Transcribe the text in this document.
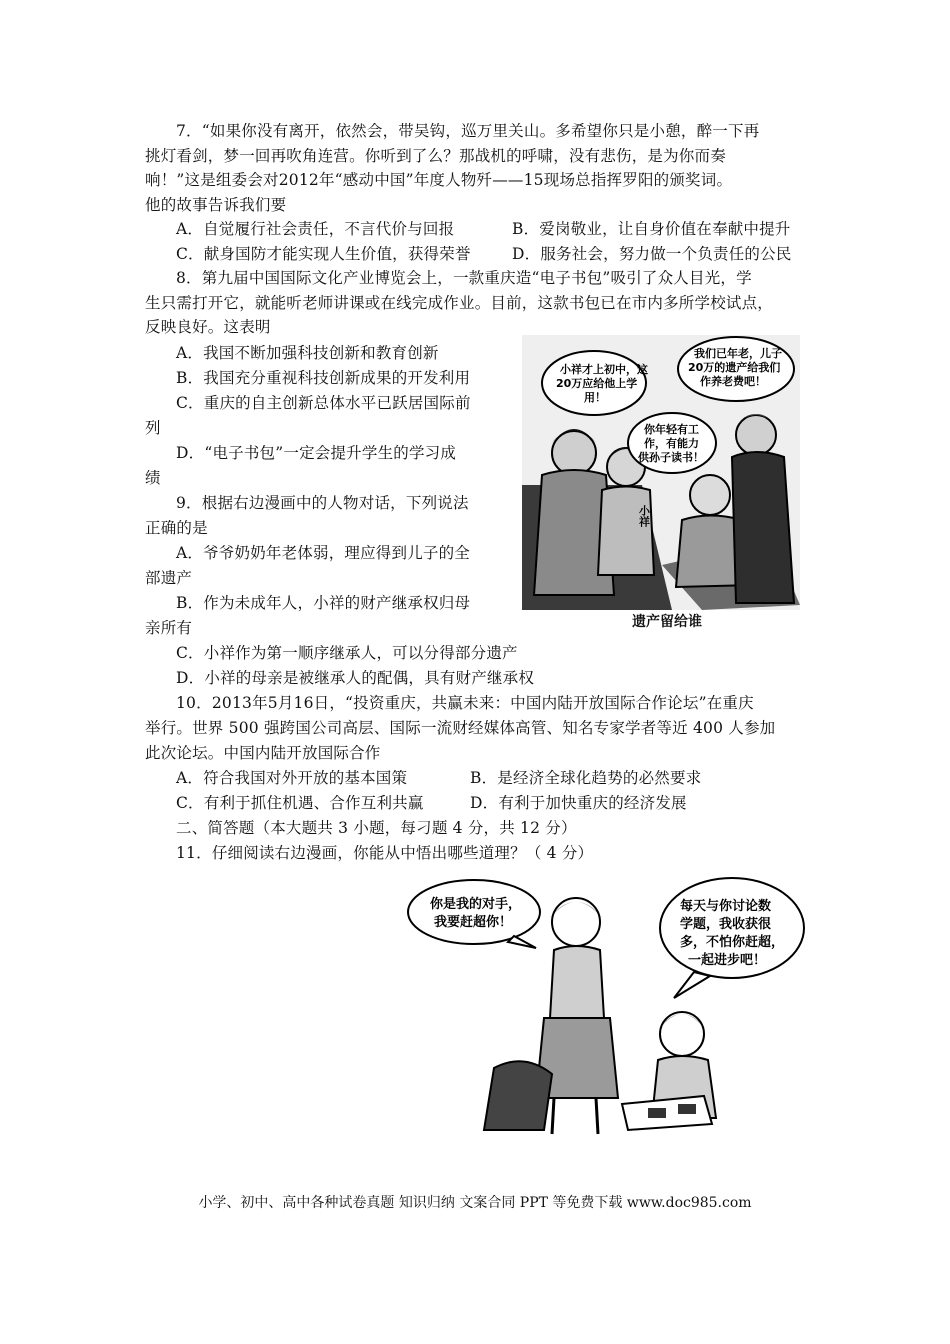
7．“如果你没有离开，依然会，带吴钩，巡万里关山。多希望你只是小憩，醉一下再
挑灯看剑，梦一回再吹角连营。你听到了么？那战机的呼啸，没有悲伤，是为你而奏
响！”这是组委会对2012年“感动中国”年度人物歼——15现场总指挥罗阳的颁奖词。
他的故事告诉我们要
A．自觉履行社会责任，不言代价与回报	B．爱岗敬业，让自身价值在奉献中提升
C．献身国防才能实现人生价值，获得荣誉	D．服务社会，努力做一个负责任的公民
8．第九届中国国际文化产业博览会上，一款重庆造“电子书包”吸引了众人目光，学
生只需打开它，就能听老师讲课或在线完成作业。目前，这款书包已在市内多所学校试点，
反映良好。这表明
A．我国不断加强科技创新和教育创新
B．我国充分重视科技创新成果的开发利用
C．重庆的自主创新总体水平已跃居国际前
列
D．“电子书包”一定会提升学生的学习成
绩
9．根据右边漫画中的人物对话，下列说法
正确的是
A．爷爷奶奶年老体弱，理应得到儿子的全
部遗产
B．作为未成年人，小祥的财产继承权归母
亲所有
C．小祥作为第一顺序继承人，可以分得部分遗产
D．小祥的母亲是被继承人的配偶，具有财产继承权
10．2013年5月16日，“投资重庆，共赢未来：中国内陆开放国际合作论坛”在重庆
举行。世界 500 强跨国公司高层、国际一流财经媒体高管、知名专家学者等近 400 人参加
此次论坛。中国内陆开放国际合作
A．符合我国对外开放的基本国策	B．是经济全球化趋势的必然要求
C．有利于抓住机遇、合作互利共赢	D．有利于加快重庆的经济发展
二、简答题（本大题共 3 小题，每刁题 4 分，共 12 分）
11．仔细阅读右边漫画，你能从中悟出哪些道理？（ 4 分）
小祥才上初中，这
20万应给他上学
用！
我们已年老，儿子
20万的遗产给我们
作养老费吧！
你年轻有工
作，有能力
供孙子读书！
小祥
遗产留给谁
你是我的对手，
我要赶超你！
每天与你讨论数
学题，我收获很
多，不怕你赶超，
一起进步吧！
小学、初中、高中各种试卷真题 知识归纳 文案合同 PPT 等免费下载 www.doc985.com
